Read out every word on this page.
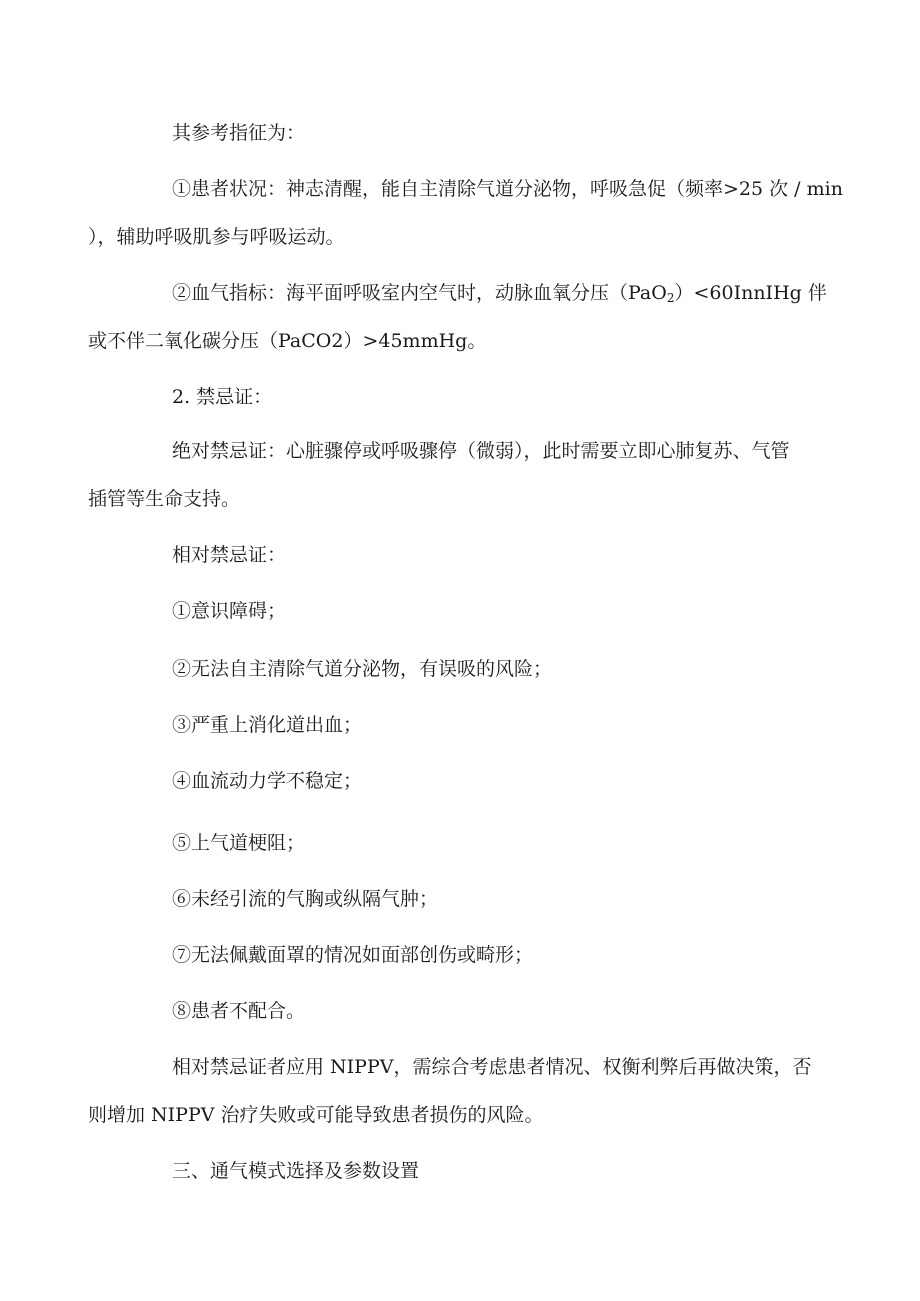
其参考指征为：
①患者状况：神志清醒，能自主清除气道分泌物，呼吸急促（频率>25 次 / min
），辅助呼吸肌参与呼吸运动。
②血气指标：海平面呼吸室内空气时，动脉血氧分压（PaO$_2$）<60InnIHg 伴
或不伴二氧化碳分压（PaCO2）>45mmHg。
2. 禁忌证：
绝对禁忌证：心脏骤停或呼吸骤停（微弱），此时需要立即心肺复苏、气管
插管等生命支持。
相对禁忌证：
①意识障碍；
②无法自主清除气道分泌物，有误吸的风险；
③严重上消化道出血；
④血流动力学不稳定；
⑤上气道梗阻；
⑥未经引流的气胸或纵隔气肿；
⑦无法佩戴面罩的情况如面部创伤或畸形；
⑧患者不配合。
相对禁忌证者应用 NIPPV，需综合考虑患者情况、权衡利弊后再做决策，否
则增加 NIPPV 治疗失败或可能导致患者损伤的风险。
三、通气模式选择及参数设置
